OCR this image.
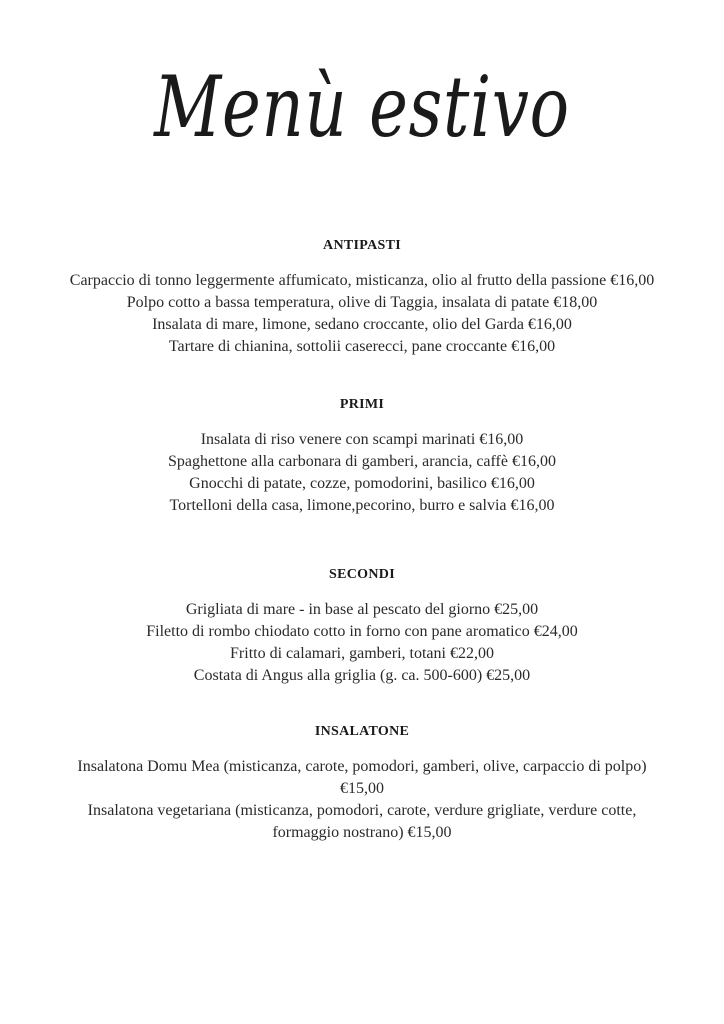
Menù estivo
ANTIPASTI
Carpaccio di tonno leggermente affumicato, misticanza, olio al frutto della passione €16,00
Polpo cotto a bassa temperatura, olive di Taggia, insalata di patate €18,00
Insalata di mare, limone, sedano croccante, olio del Garda €16,00
Tartare di chianina, sottolii caserecci, pane croccante €16,00
PRIMI
Insalata di riso venere con scampi marinati €16,00
Spaghettone alla carbonara di gamberi, arancia, caffè €16,00
Gnocchi di patate, cozze, pomodorini, basilico €16,00
Tortelloni della casa, limone,pecorino, burro e salvia €16,00
SECONDI
Grigliata di mare - in base al pescato del giorno €25,00
Filetto di rombo chiodato cotto in forno con pane aromatico €24,00
Fritto di calamari, gamberi, totani €22,00
Costata di Angus alla griglia (g. ca. 500-600) €25,00
INSALATONE
Insalatona Domu Mea (misticanza, carote, pomodori, gamberi, olive, carpaccio di polpo) €15,00
Insalatona vegetariana (misticanza, pomodori, carote, verdure grigliate, verdure cotte, formaggio nostrano) €15,00
